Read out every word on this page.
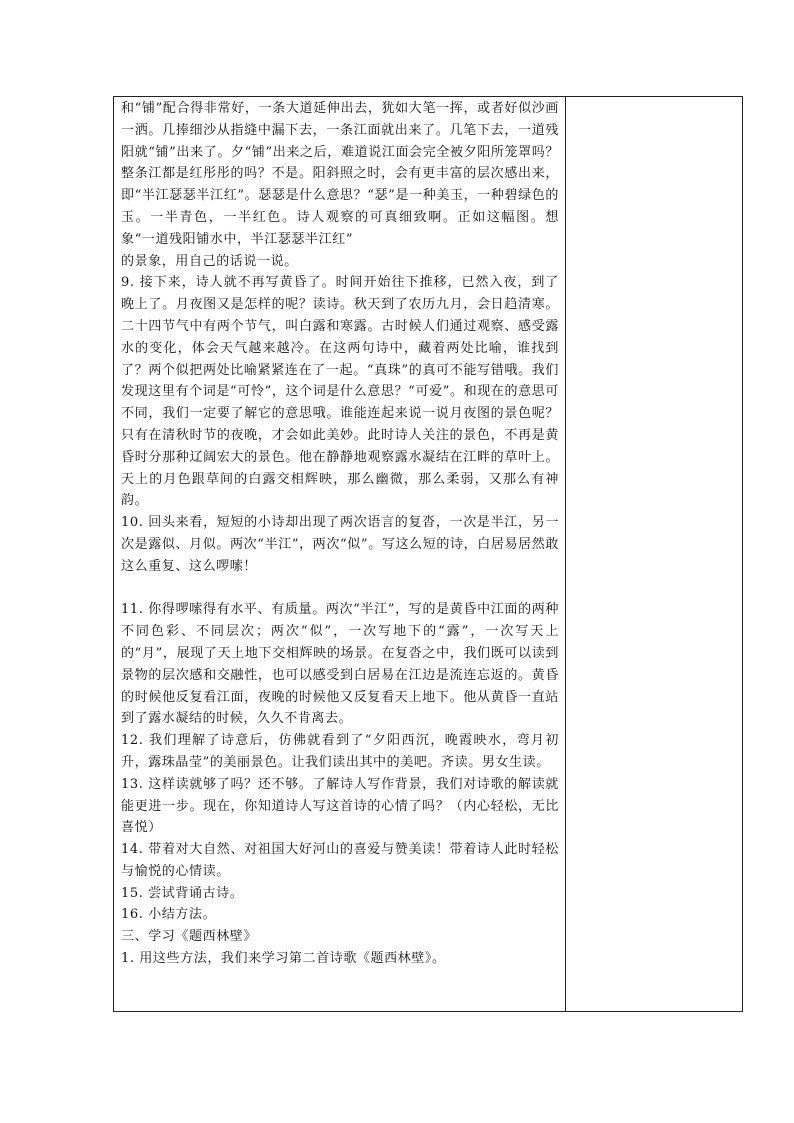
和“铺”配合得非常好，一条大道延伸出去，犹如大笔一挥，或者好似沙画一洒。几捧细沙从指缝中漏下去，一条江面就出来了。几笔下去，一道残阳就“铺”出来了。夕“铺”出来之后，难道说江面会完全被夕阳所笼罩吗？整条江都是红彤彤的吗？不是。阳斜照之时，会有更丰富的层次感出来，即“半江瑟瑟半江红”。瑟瑟是什么意思？“瑟”是一种美玉，一种碧绿色的玉。一半青色，一半红色。诗人观察的可真细致啊。正如这幅图。想象“一道残阳铺水中，半江瑟瑟半江红”

的景象，用自己的话说一说。

9. 接下来，诗人就不再写黄昏了。时间开始往下推移，已然入夜，到了晚上了。月夜图又是怎样的呢？读诗。秋天到了农历九月，会日趋清寒。二十四节气中有两个节气，叫白露和寒露。古时候人们通过观察、感受露水的变化，体会天气越来越冷。在这两句诗中，藏着两处比喻，谁找到了？两个似把两处比喻紧紧连在了一起。“真珠”的真可不能写错哦。我们发现这里有个词是“可怜”，这个词是什么意思？“可爱”。和现在的意思可不同，我们一定要了解它的意思哦。谁能连起来说一说月夜图的景色呢？只有在清秋时节的夜晚，才会如此美妙。此时诗人关注的景色，不再是黄昏时分那种辽阔宏大的景色。他在静静地观察露水凝结在江畔的草叶上。天上的月色跟草间的白露交相辉映，那么幽微，那么柔弱，又那么有神韵。

10. 回头来看，短短的小诗却出现了两次语言的复沓，一次是半江，另一次是露似、月似。两次“半江”，两次“似”。写这么短的诗，白居易居然敢这么重复、这么啰嗦！

11. 你得啰嗦得有水平、有质量。两次“半江”，写的是黄昏中江面的两种不同色彩、不同层次；两次“似”，一次写地下的“露”，一次写天上的“月”，展现了天上地下交相辉映的场景。在复沓之中，我们既可以读到景物的层次感和交融性，也可以感受到白居易在江边是流连忘返的。黄昏的时候他反复看江面，夜晚的时候他又反复看天上地下。他从黄昏一直站到了露水凝结的时候，久久不肯离去。

12. 我们理解了诗意后，仿佛就看到了“夕阳西沉，晚霞映水，弯月初升，露珠晶莹”的美丽景色。让我们读出其中的美吧。齐读。男女生读。

13. 这样读就够了吗？还不够。了解诗人写作背景，我们对诗歌的解读就能更进一步。现在，你知道诗人写这首诗的心情了吗？（内心轻松，无比喜悦）

14. 带着对大自然、对祖国大好河山的喜爱与赞美读！带着诗人此时轻松与愉悦的心情读。

15. 尝试背诵古诗。

16. 小结方法。

三、学习《题西林壁》

1. 用这些方法，我们来学习第二首诗歌《题西林壁》。
